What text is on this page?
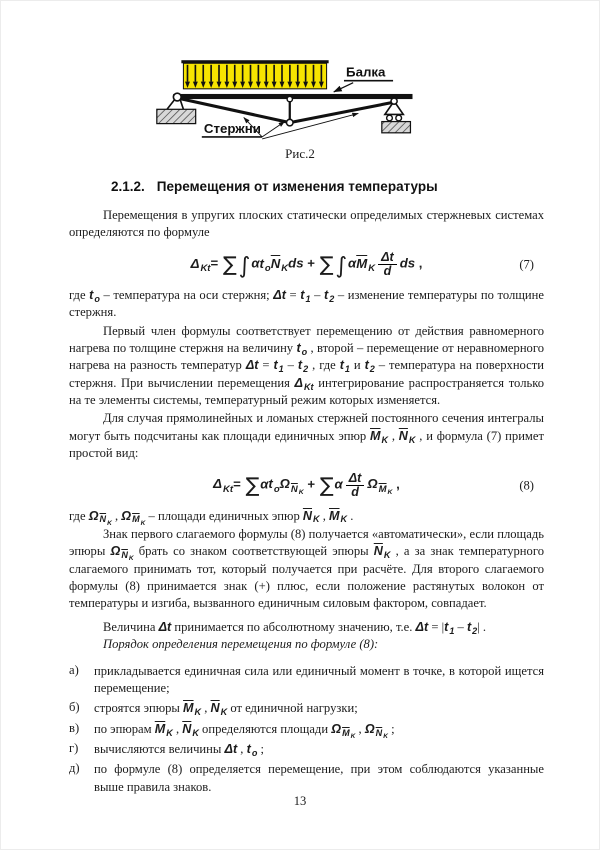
Балка
Стержни
Рис.2
2.1.2. Перемещения от изменения температуры

Перемещения в упругих плоских статически определимых стержневых системах определяются по формуле

$\Delta_{Kt}= \sum\int\alpha t_о\overline{N}_Kds + \sum\int\alpha\overline{M}_K \frac{\Delta t}{d}$ ds ,	(7)

где $t_о$ – температура на оси стержня; $\Delta t = t_1 - t_2$ – изменение температуры по толщине стержня.

Первый член формулы соответствует перемещению от действия равномерного нагрева по толщине стержня на величину $t_о$ , второй – перемещение от неравномерного нагрева на разность температур $\Delta t = t_1 - t_2$ , где $t_1$ и $t_2$ – температура на поверхности стержня. При вычислении перемещения $\Delta_{Kt}$ интегрирование распространяется только на те элементы системы, температурный режим которых изменяется.

Для случая прямолинейных и ломаных стержней постоянного сечения интегралы могут быть подсчитаны как площади единичных эпюр $\overline{M}_K$ , $\overline{N}_K$ , и формула (7) примет простой вид:

$\Delta_{Kt}= \sum\alpha t_о\Omega_{\overline{N}_K} + \sum\alpha \frac{\Delta t}{d} \Omega_{\overline{M}_K}$ ,	(8)

где $\Omega_{\overline{N}_K}$ , $\Omega_{\overline{M}_K}$ – площади единичных эпюр $\overline{N}_K$ , $\overline{M}_K$ .

Знак первого слагаемого формулы (8) получается «автоматически», если площадь эпюры $\Omega_{\overline{N}_K}$ брать со знаком соответствующей эпюры $\overline{N}_K$ , а за знак температурного слагаемого принимать тот, который получается при расчёте. Для второго слагаемого формулы (8) принимается знак (+) плюс, если положение растянутых волокон от температуры и изгиба, вызванного единичным силовым фактором, совпадает.

Величина Δt принимается по абсолютному значению, т.е. $\Delta t = |t_1 - t_2|$ .

Порядок определения перемещения по формуле (8):

а)	прикладывается единичная сила или единичный момент в точке, в которой ищется перемещение;
б)	строятся эпюры $\overline{M}_K$ , $\overline{N}_K$ от единичной нагрузки;
в)	по эпюрам $\overline{M}_K$ , $\overline{N}_K$ определяются площади $\Omega_{\overline{M}_K}$ , $\Omega_{\overline{N}_K}$ ;
г)	вычисляются величины Δt , $t_о$ ;
д)	по формуле (8) определяется перемещение, при этом соблюдаются указанные выше правила знаков.
13
